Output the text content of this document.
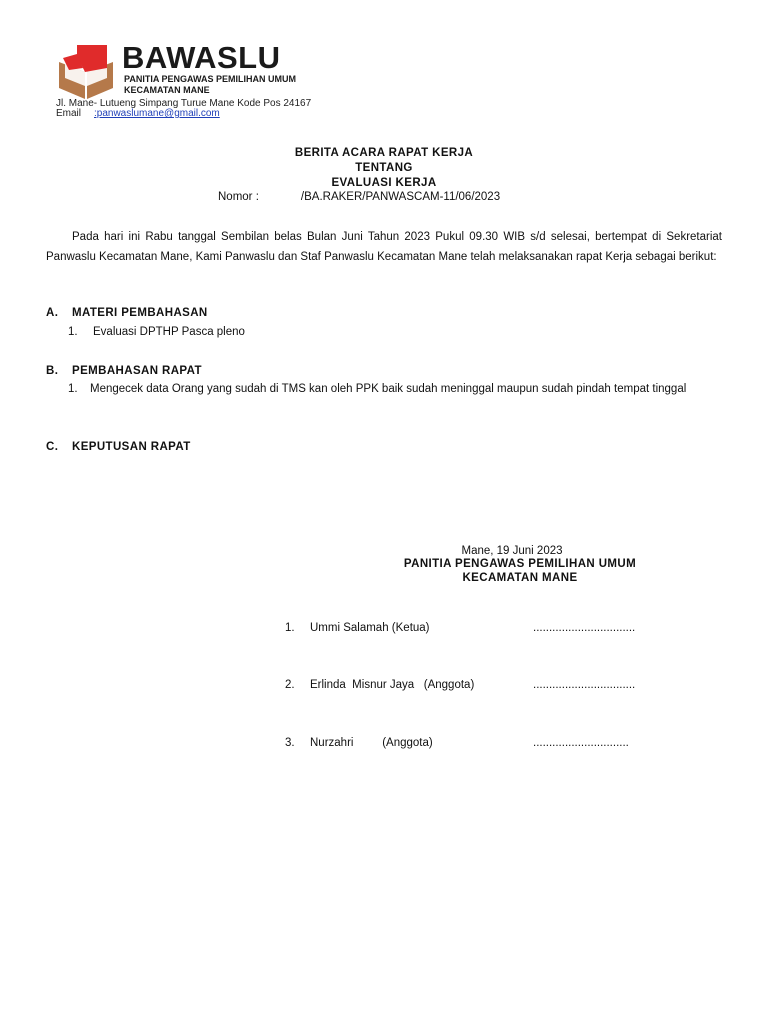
BAWASLU
PANITIA PENGAWAS PEMILIHAN UMUM
KECAMATAN MANE
Jl. Mane- Lutueng Simpang Turue Mane Kode Pos 24167
Email :panwaslumane@gmail.com
BERITA ACARA RAPAT KERJA
TENTANG
EVALUASI KERJA
Nomor :	/BA.RAKER/PANWASCAM-11/06/2023
Pada hari ini Rabu tanggal Sembilan belas Bulan Juni Tahun 2023 Pukul 09.30 WIB s/d selesai, bertempat di Sekretariat Panwaslu Kecamatan Mane, Kami Panwaslu dan Staf Panwaslu Kecamatan Mane telah melaksanakan rapat Kerja sebagai berikut:
A. MATERI PEMBAHASAN
1. Evaluasi DPTHP Pasca pleno
B. PEMBAHASAN RAPAT
1.	Mengecek data Orang yang sudah di TMS kan oleh PPK baik sudah meninggal maupun sudah pindah tempat tinggal
C. KEPUTUSAN RAPAT
Mane, 19 Juni 2023
PANITIA PENGAWAS PEMILIHAN UMUM
KECAMATAN MANE
1. Ummi Salamah (Ketua)	................................
2. Erlinda  Misnur Jaya   (Anggota)	................................
3. Nurzahri         (Anggota)	..............................
